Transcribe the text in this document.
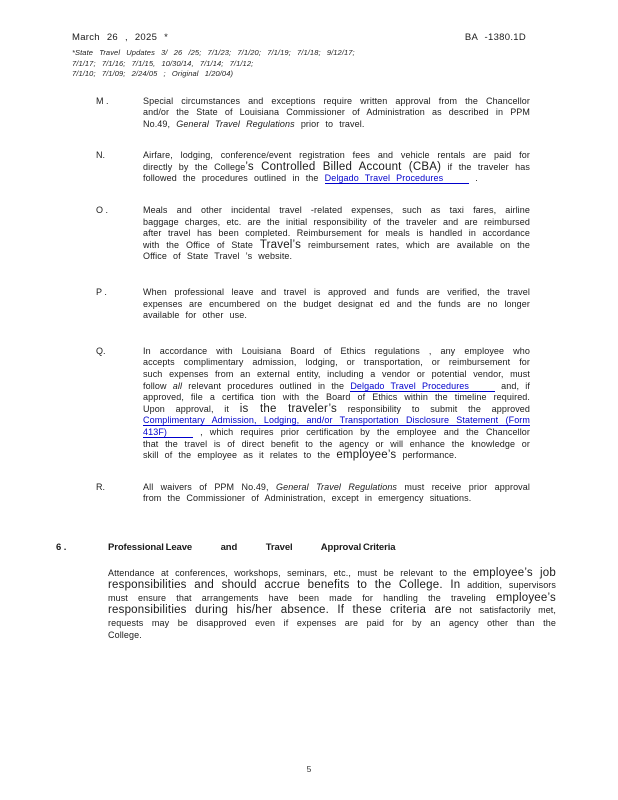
March 26 , 2025 *	BA -1380.1D
*State Travel Updates 3/ 26 /25; 7/1/23; 7/1/20; 7/1/19; 7/1/18; 9/12/17;
7/1/17; 7/1/16; 7/1/15, 10/30/14, 7/1/14; 7/1/12;
7/1/10; 7/1/09; 2/24/05 ; Original 1/20/04)
M .	Special circumstances and exceptions require written approval from the Chancellor and/or the State of Louisiana Commissioner of Administration as described in PPM No.49, General Travel Regulations prior to travel.
N.	Airfare, lodging, conference/event registration fees and vehicle rentals are paid for directly by the College’s Controlled Billed Account (CBA) if the traveler has followed the procedures outlined in the Delgado Travel Procedures	.
O .	Meals and other incidental travel -related expenses, such as taxi fares, airline baggage charges, etc. are the initial responsibility of the traveler and are reimbursed after travel has been completed. Reimbursement for meals is handled in accordance with the Office of State Travel’s reimbursement rates, which are available on the Office of State Travel ’s website.
P .	When professional leave and travel is approved and funds are verified, the travel expenses are encumbered on the budget designat ed and the funds are no longer available for other use.
Q.	In accordance with Louisiana Board of Ethics regulations , any employee who accepts complimentary admission, lodging, or transportation, or reimbursement for such expenses from an external entity, including a vendor or potential vendor, must follow all relevant procedures outlined in the Delgado Travel Procedures	and, if approved, file a certifica tion with the Board of Ethics within the timeline required. Upon approval, it is the traveler’s responsibility to submit the approved Complimentary Admission, Lodging, and/or Transportation Disclosure Statement (Form 413F)	, which requires prior certification by the employee and the Chancellor that the travel is of direct benefit to the agency or will enhance the knowledge or skill of the employee as it relates to the employee’s performance.
R.	All waivers of PPM No.49, General Travel Regulations must receive prior approval from the Commissioner of Administration, except in emergency situations.
6 .	Professional Leave and Travel Approval Criteria
Attendance at conferences, workshops, seminars, etc., must be relevant to the employee’s job responsibilities and should accrue benefits to the College. In addition, supervisors must ensure that arrangements have been made for handling the traveling employee’s responsibilities during his/her absence. If these criteria are not satisfactorily met, requests may be disapproved even if expenses are paid for by an agency other than the College.
5
